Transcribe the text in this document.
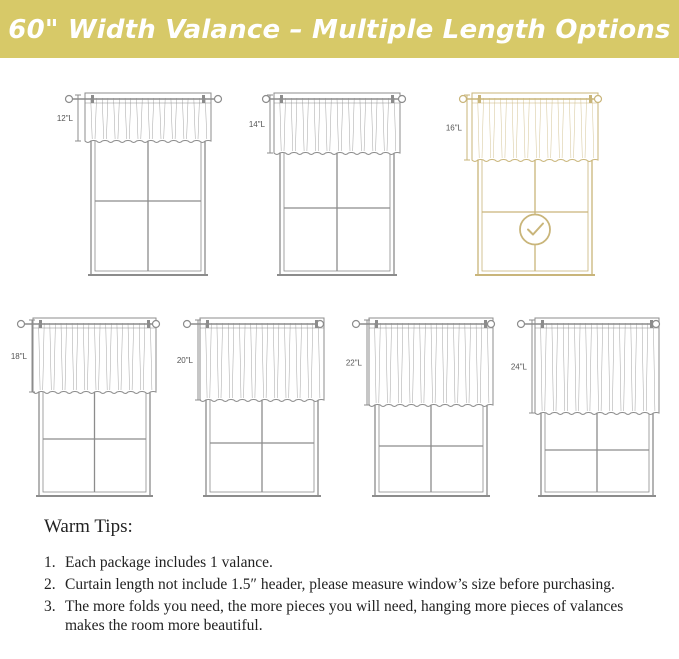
60" Width Valance – Multiple Length Options
12"L
14"L	16"L
18"L	20"L	22"L	24"L
Warm Tips:
1. Each package includes 1 valance.
2. Curtain length not include 1.5″ header, please measure window’s size before purchasing.
3. The more folds you need, the more pieces you will need, hanging more pieces of valances makes the room more beautiful.
